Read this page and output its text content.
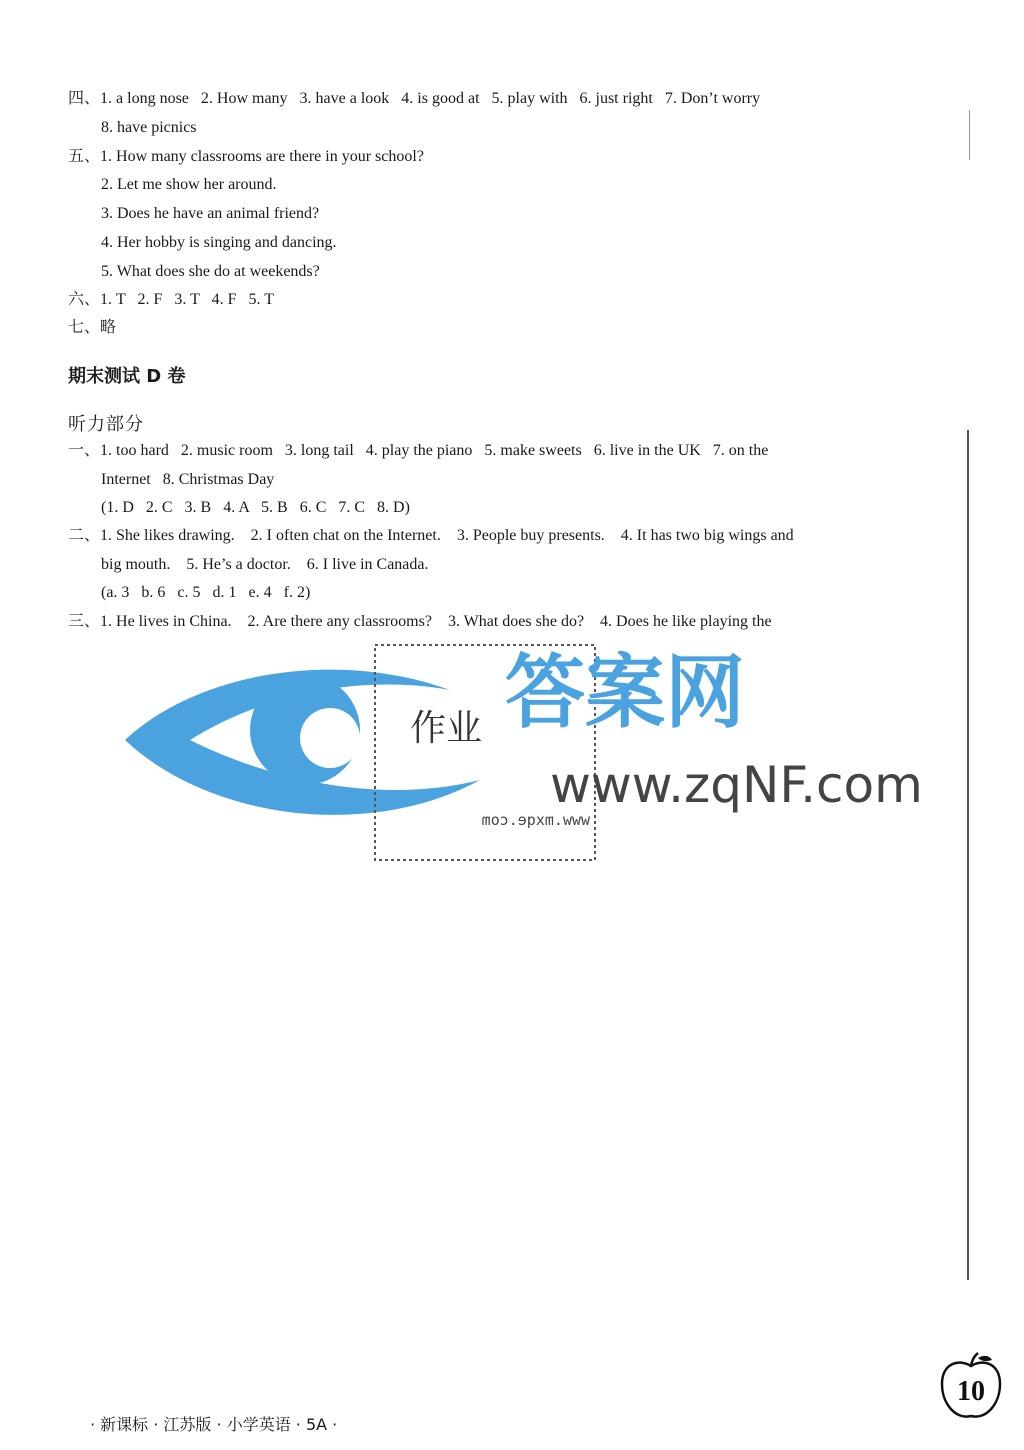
四、1. a long nose   2. How many   3. have a look   4. is good at   5. play with   6. just right   7. Don’t worry
8. have picnics
五、1. How many classrooms are there in your school?
2. Let me show her around.
3. Does he have an animal friend?
4. Her hobby is singing and dancing.
5. What does she do at weekends?
六、1. T   2. F   3. T   4. F   5. T
七、略
期末测试 D 卷
听力部分
一、1. too hard   2. music room   3. long tail   4. play the piano   5. make sweets   6. live in the UK   7. on the
Internet   8. Christmas Day
(1. D   2. C   3. B   4. A   5. B   6. C   7. C   8. D)
二、1. She likes drawing.    2. I often chat on the Internet.    3. People buy presents.    4. It has two big wings and
big mouth.    5. He’s a doctor.    6. I live in Canada.
(a. 3   b. 6   c. 5   d. 1   e. 4   f. 2)
三、1. He lives in China.    2. Are there any classrooms?    3. What does she do?    4. Does he like playing the
作业
www.mxqe.com
答案网
www.zqNF.com
· 新课标 · 江苏版 · 小学英语 · 5A ·
10
